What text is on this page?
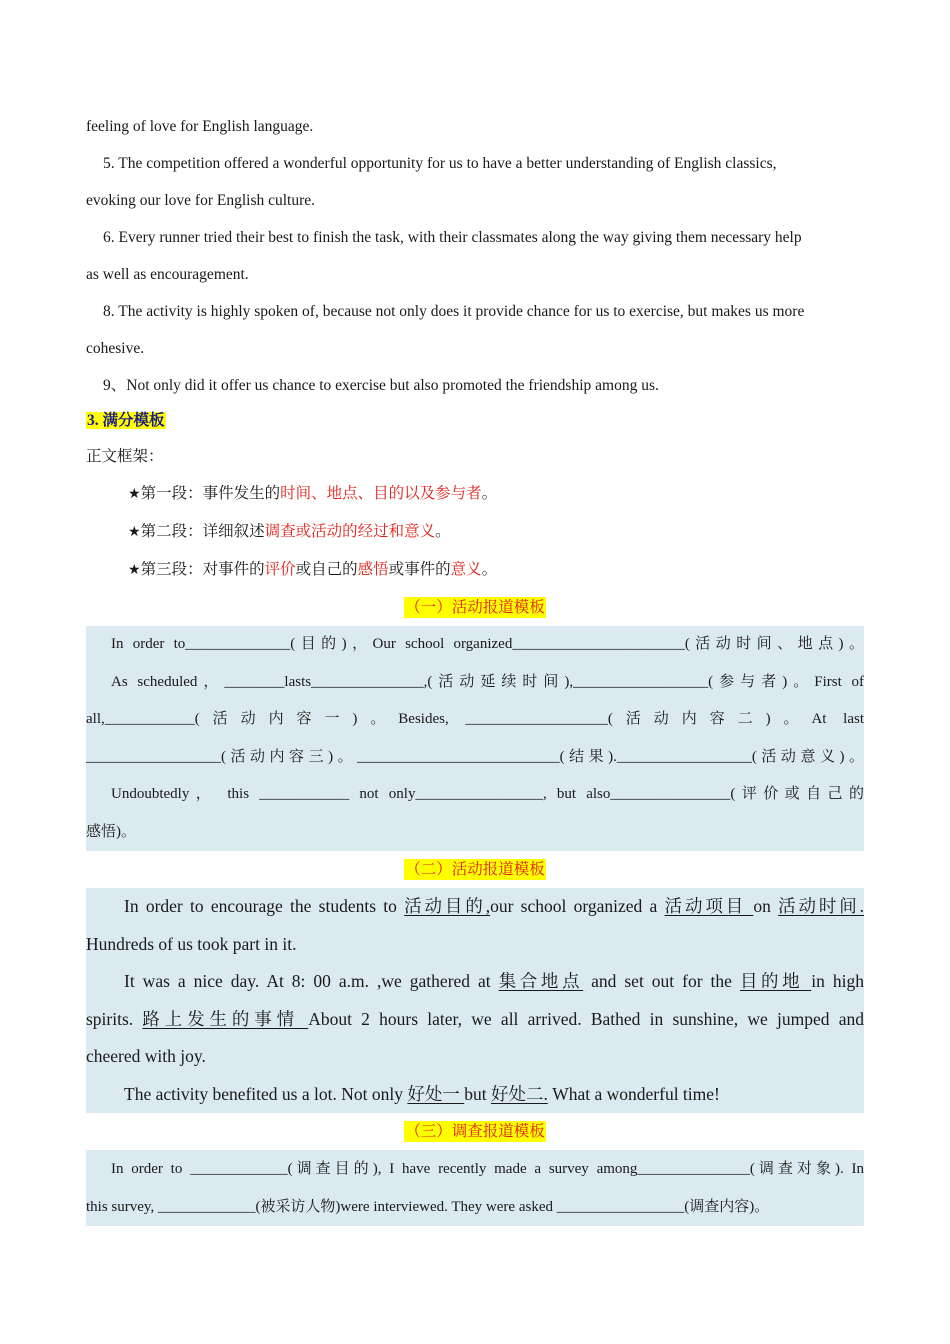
feeling of love for English language.

5. The competition offered a wonderful opportunity for us to have a better understanding of English classics,

evoking our love for English culture.

6. Every runner tried their best to finish the task, with their classmates along the way giving them necessary help

as well as encouragement.

8. The activity is highly spoken of, because not only does it provide chance for us to exercise, but makes us more

cohesive.

9、Not only did it offer us chance to exercise but also promoted the friendship among us.

3. 满分模板

正文框架：

★第一段：事件发生的时间、地点、目的以及参与者。

★第二段：详细叙述调查或活动的经过和意义。

★第三段：对事件的评价或自己的感悟或事件的意义。

（一）活动报道模板

In order to______________(目的)，Our school organized_______________________(活动时间、地点)。

As scheduled，________lasts_______________,(活动延续时间),__________________(参与者)。First of

all,____________(活动内容一)。Besides, ___________________(活动内容二)。At last

__________________(活动内容三)。___________________________(结果).__________________(活动意义)。

Undoubtedly， this ____________ not only_________________, but also________________(评价或自己的

感悟)。

（二）活动报道模板

In order to encourage the students to 活动目的,our school organized a 活动项目 on 活动时间.

Hundreds of us took part in it.

It was a nice day. At 8: 00 a.m. ,we gathered at 集合地点 and set out for the 目的地 in high

spirits. 路上发生的事情 About 2 hours later, we all arrived. Bathed in sunshine, we jumped and

cheered with joy.

The activity benefited us a lot. Not only 好处一 but 好处二. What a wonderful time!

（三）调查报道模板

In order to _____________(调查目的), I have recently made a survey among_______________(调查对象). In

this survey, _____________(被采访人物)were interviewed. They were asked _________________(调查内容)。
